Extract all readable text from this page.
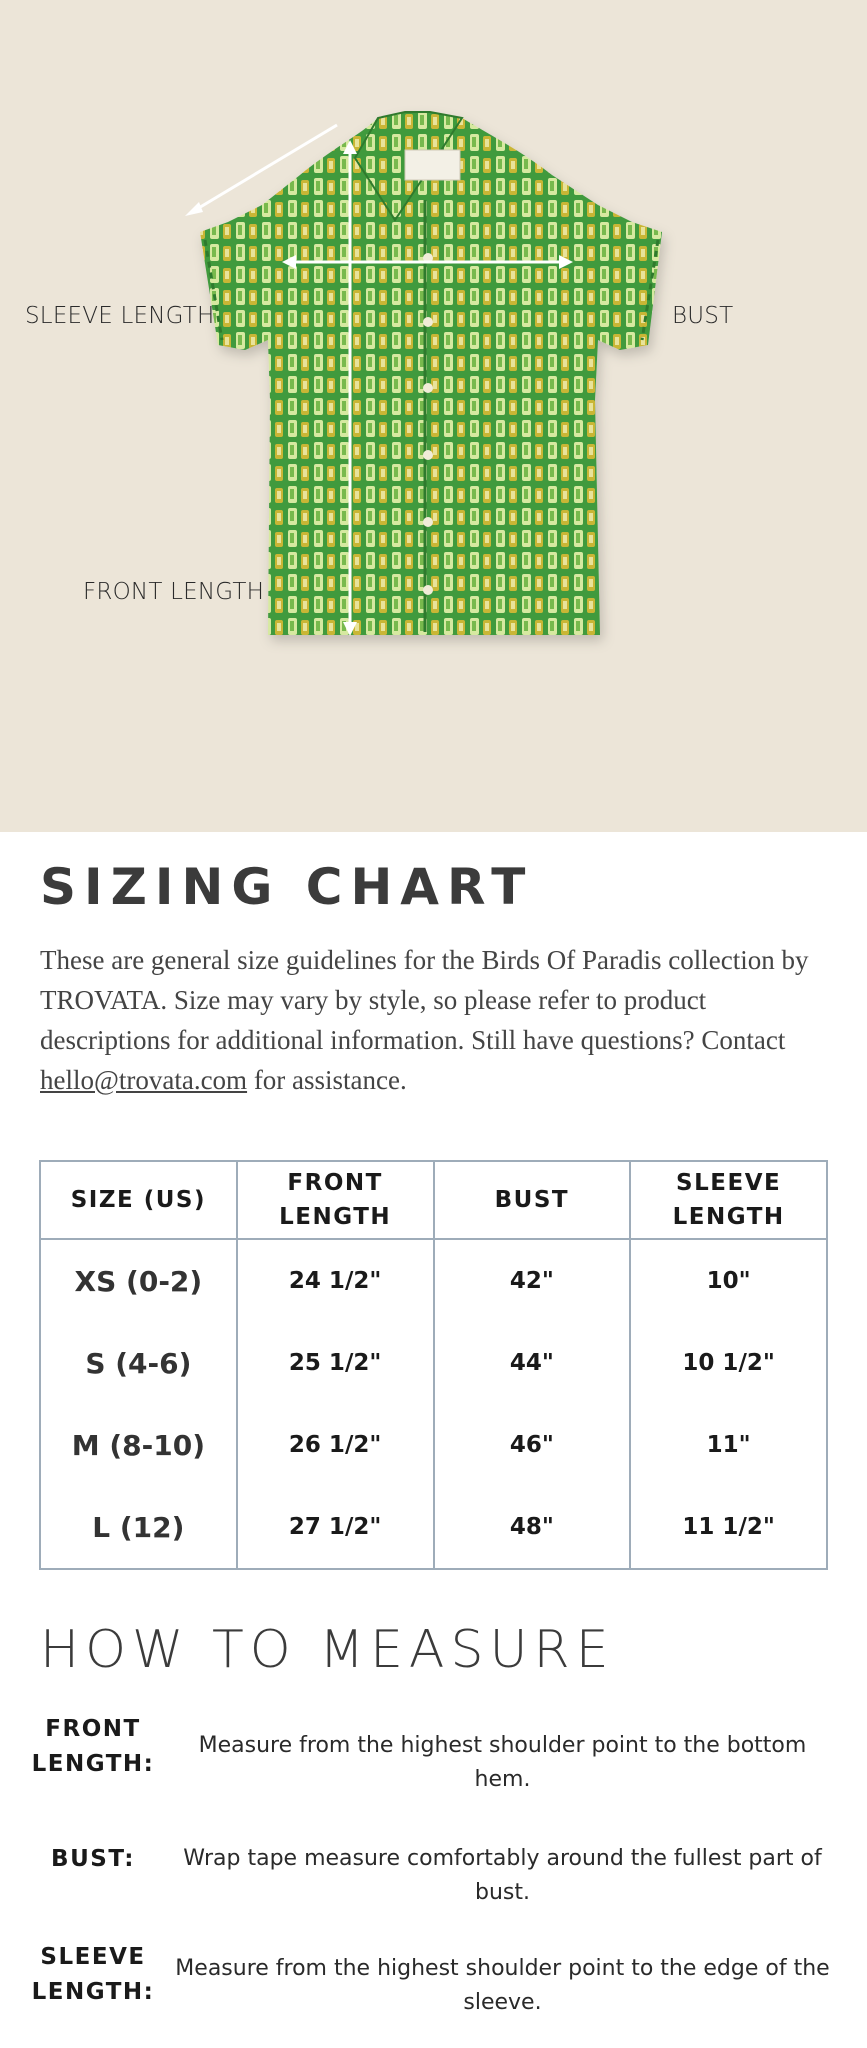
SLEEVE LENGTH	BUST
FRONT LENGTH
SIZING CHART

These are general size guidelines for the Birds Of Paradis collection by TROVATA. Size may vary by style, so please refer to product descriptions for additional information. Still have questions? Contact hello@trovata.com for assistance.

SIZE (US)	FRONT LENGTH	BUST	SLEEVE LENGTH
XS (0-2)	24 1/2"	42"	10"
S (4-6)	25 1/2"	44"	10 1/2"
M (8-10)	26 1/2"	46"	11"
L (12)	27 1/2"	48"	11 1/2"
HOW TO MEASURE
FRONT
LENGTH:
Measure from the highest shoulder point to the bottom hem.
BUST:	Wrap tape measure comfortably around the fullest part of bust.
SLEEVE
LENGTH:
Measure from the highest shoulder point to the edge of the sleeve.
